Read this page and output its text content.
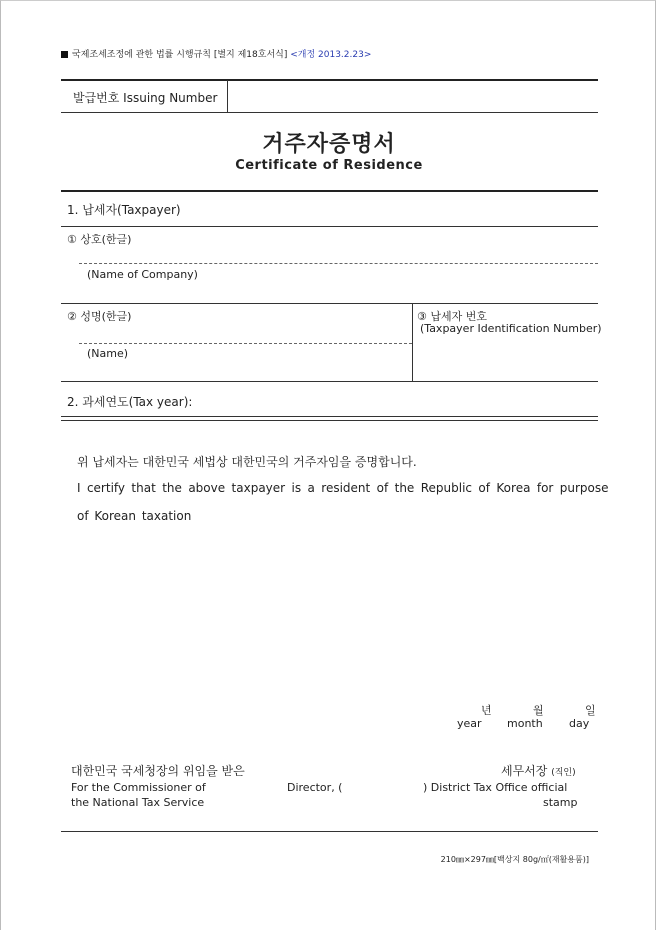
국제조세조정에 관한 법률 시행규칙 [별지 제18호서식] <개정 2013.2.23>
발급번호 Issuing Number
거주자증명서
Certificate of Residence
1. 납세자(Taxpayer)
① 상호(한글)
(Name of Company)
② 성명(한글)
(Name)
③ 납세자 번호
(Taxpayer Identification Number)
2. 과세연도(Tax year):
위 납세자는 대한민국 세법상 대한민국의 거주자임을 증명합니다.
I certify that the above taxpayer is a resident of the Republic of Korea for purpose
of Korean taxation
년	월	일
year month day
대한민국 국세청장의 위임을 받은	세무서장 (직인)
For the Commissioner of
the National Tax Service
Director, (	) District Tax Office official
stamp
210㎜×297㎜[백상지 80g/㎡(재활용품)]
